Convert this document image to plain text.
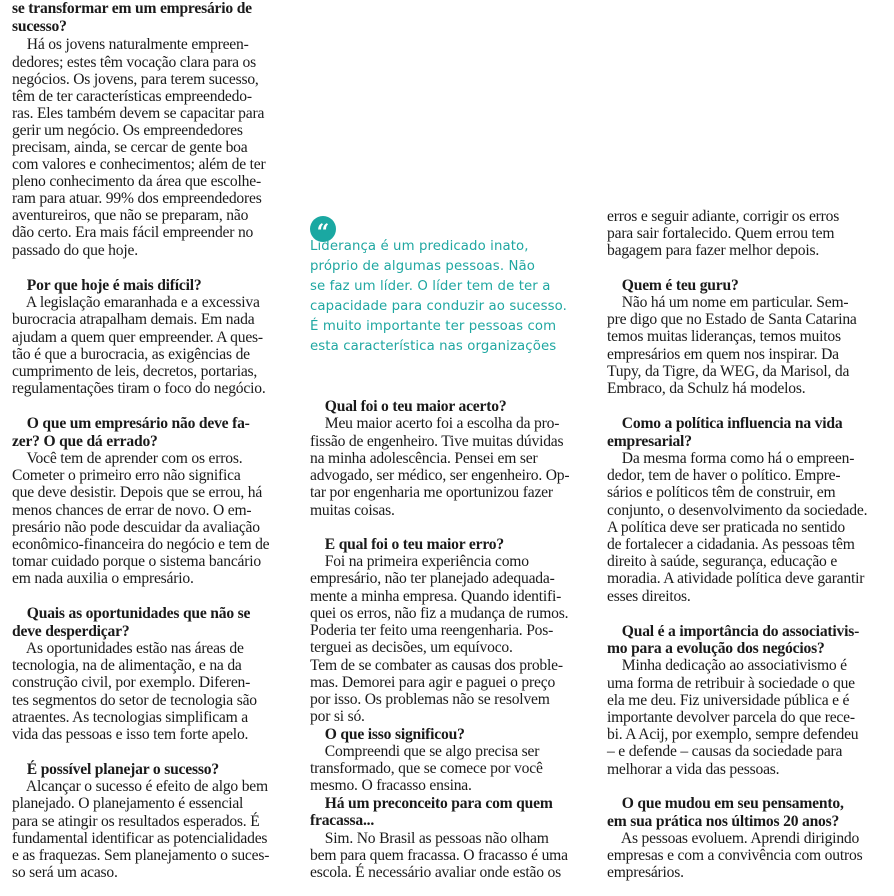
se transformar em um empresário de
sucesso?
Há os jovens naturalmente empreen-
dedores; estes têm vocação clara para os
negócios. Os jovens, para terem sucesso,
têm de ter características empreendedo-
ras. Eles também devem se capacitar para
gerir um negócio. Os empreendedores
precisam, ainda, se cercar de gente boa
com valores e conhecimentos; além de ter
pleno conhecimento da área que escolhe-
ram para atuar. 99% dos empreendedores
aventureiros, que não se preparam, não
dão certo. Era mais fácil empreender no
passado do que hoje.
Por que hoje é mais difícil?
A legislação emaranhada e a excessiva
burocracia atrapalham demais. Em nada
ajudam a quem quer empreender. A ques-
tão é que a burocracia, as exigências de
cumprimento de leis, decretos, portarias,
regulamentações tiram o foco do negócio.
O que um empresário não deve fa-
zer? O que dá errado?
Você tem de aprender com os erros.
Cometer o primeiro erro não significa
que deve desistir. Depois que se errou, há
menos chances de errar de novo. O em-
presário não pode descuidar da avaliação
econômico-financeira do negócio e tem de
tomar cuidado porque o sistema bancário
em nada auxilia o empresário.
Quais as oportunidades que não se
deve desperdiçar?
As oportunidades estão nas áreas de
tecnologia, na de alimentação, e na da
construção civil, por exemplo. Diferen-
tes segmentos do setor de tecnologia são
atraentes. As tecnologias simplificam a
vida das pessoas e isso tem forte apelo.
É possível planejar o sucesso?
Alcançar o sucesso é efeito de algo bem
planejado. O planejamento é essencial
para se atingir os resultados esperados. É
fundamental identificar as potencialidades
e as fraquezas. Sem planejamento o suces-
so será um acaso.
Qual foi o teu maior acerto?
Meu maior acerto foi a escolha da pro-
fissão de engenheiro. Tive muitas dúvidas
na minha adolescência. Pensei em ser
advogado, ser médico, ser engenheiro. Op-
tar por engenharia me oportunizou fazer
muitas coisas.
E qual foi o teu maior erro?
Foi na primeira experiência como
empresário, não ter planejado adequada-
mente a minha empresa. Quando identifi-
quei os erros, não fiz a mudança de rumos.
Poderia ter feito uma reengenharia. Pos-
terguei as decisões, um equívoco.
Tem de se combater as causas dos proble-
mas. Demorei para agir e paguei o preço
por isso. Os problemas não se resolvem
por si só.
O que isso significou?
Compreendi que se algo precisa ser
transformado, que se comece por você
mesmo. O fracasso ensina.
Há um preconceito para com quem
fracassa...
Sim. No Brasil as pessoas não olham
bem para quem fracassa. O fracasso é uma
escola. É necessário avaliar onde estão os
erros e seguir adiante, corrigir os erros
para sair fortalecido. Quem errou tem
bagagem para fazer melhor depois.
Quem é teu guru?
Não há um nome em particular. Sem-
pre digo que no Estado de Santa Catarina
temos muitas lideranças, temos muitos
empresários em quem nos inspirar. Da
Tupy, da Tigre, da WEG, da Marisol, da
Embraco, da Schulz há modelos.
Como a política influencia na vida
empresarial?
Da mesma forma como há o empreen-
dedor, tem de haver o político. Empre-
sários e políticos têm de construir, em
conjunto, o desenvolvimento da sociedade.
A política deve ser praticada no sentido
de fortalecer a cidadania. As pessoas têm
direito à saúde, segurança, educação e
moradia. A atividade política deve garantir
esses direitos.
Qual é a importância do associativis-
mo para a evolução dos negócios?
Minha dedicação ao associativismo é
uma forma de retribuir à sociedade o que
ela me deu. Fiz universidade pública e é
importante devolver parcela do que rece-
bi. A Acij, por exemplo, sempre defendeu
– e defende – causas da sociedade para
melhorar a vida das pessoas.
O que mudou em seu pensamento,
em sua prática nos últimos 20 anos?
As pessoas evoluem. Aprendi dirigindo
empresas e com a convivência com outros
empresários.
“
Liderança é um predicado inato,
próprio de algumas pessoas. Não
se faz um líder. O líder tem de ter a
capacidade para conduzir ao sucesso.
É muito importante ter pessoas com
esta característica nas organizações
